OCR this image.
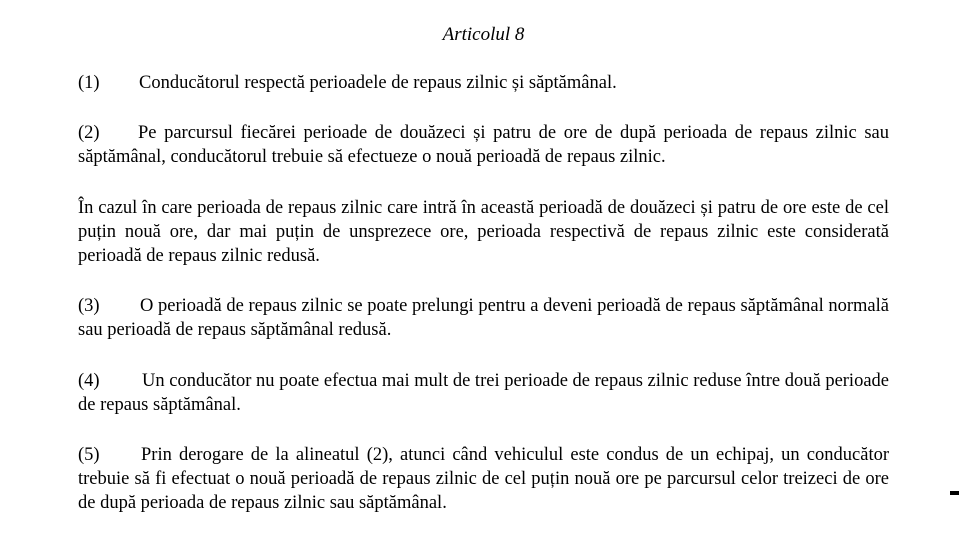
Articolul 8
(1) Conducătorul respectă perioadele de repaus zilnic și săptămânal.
(2) Pe parcursul fiecărei perioade de douăzeci și patru de ore de după perioada de repaus zilnic sau săptămânal, conducătorul trebuie să efectueze o nouă perioadă de repaus zilnic.
În cazul în care perioada de repaus zilnic care intră în această perioadă de douăzeci și patru de ore este de cel puțin nouă ore, dar mai puțin de unsprezece ore, perioada respectivă de repaus zilnic este considerată perioadă de repaus zilnic redusă.
(3) O perioadă de repaus zilnic se poate prelungi pentru a deveni perioadă de repaus săptămânal normală sau perioadă de repaus săptămânal redusă.
(4) Un conducător nu poate efectua mai mult de trei perioade de repaus zilnic reduse între două perioade de repaus săptămânal.
(5) Prin derogare de la alineatul (2), atunci când vehiculul este condus de un echipaj, un conducător trebuie să fi efectuat o nouă perioadă de repaus zilnic de cel puțin nouă ore pe parcursul celor treizeci de ore de după perioada de repaus zilnic sau săptămânal.
